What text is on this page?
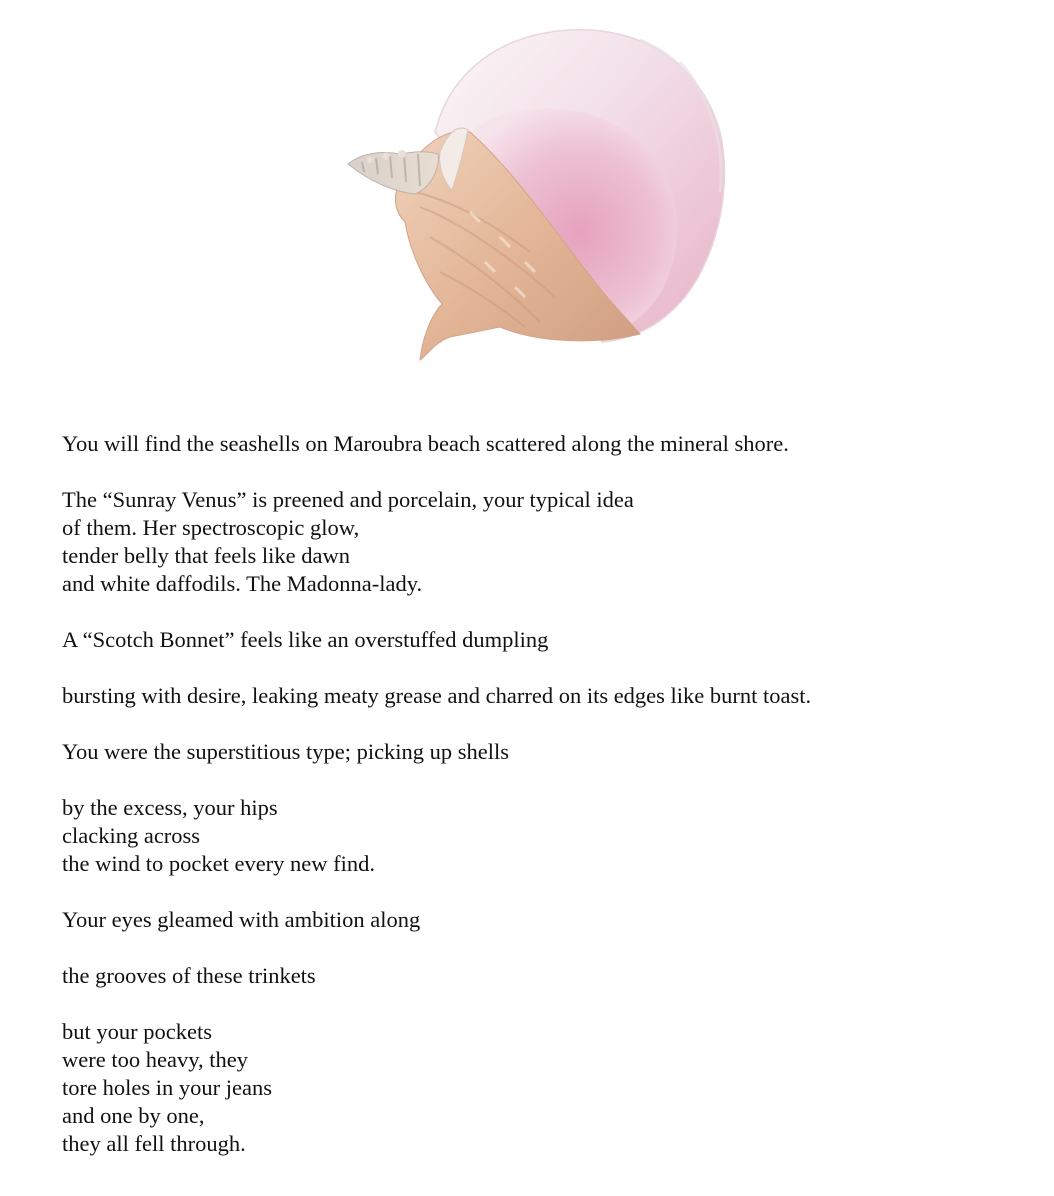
You will find the seashells on Maroubra beach scattered along the mineral shore.

The “Sunray Venus” is preened and porcelain, your typical idea
of them. Her spectroscopic glow,
tender belly that feels like dawn
and white daffodils. The Madonna-lady.

A “Scotch Bonnet” feels like an overstuffed dumpling

bursting with desire, leaking meaty grease and charred on its edges like burnt toast.

You were the superstitious type; picking up shells

by the excess, your hips
clacking across
the wind to pocket every new find.

Your eyes gleamed with ambition along

the grooves of these trinkets

but your pockets
were too heavy, they
tore holes in your jeans
and one by one,
they all fell through.
